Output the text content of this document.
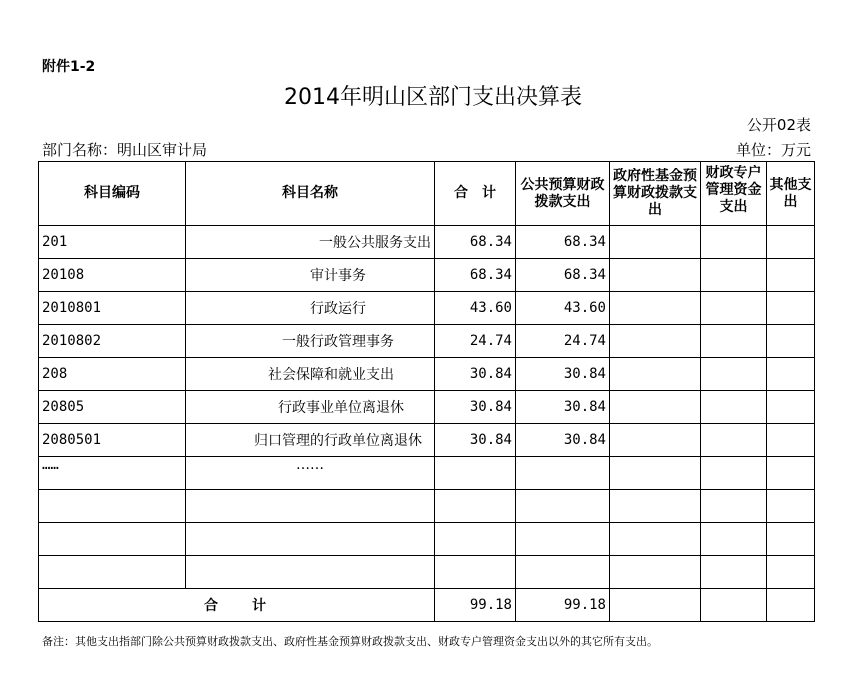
附件1-2
2014年明山区部门支出决算表
公开02表
部门名称：明山区审计局	单位：万元
科目编码	科目名称	合　计	公共预算财政拨款支出	政府性基金预算财政拨款支出	财政专户管理资金支出	其他支出

201	一般公共服务支出	68.34	68.34			
20108	审计事务	68.34	68.34			
2010801	行政运行	43.60	43.60			
2010802	一般行政管理事务	24.74	24.74			
208	社会保障和就业支出	30.84	30.84			
20805	行政事业单位离退休	30.84	30.84			
2080501	归口管理的行政单位离退休	30.84	30.84			
……	……					

合　　计		99.18	99.18			
备注：其他支出指部门除公共预算财政拨款支出、政府性基金预算财政拨款支出、财政专户管理资金支出以外的其它所有支出。
